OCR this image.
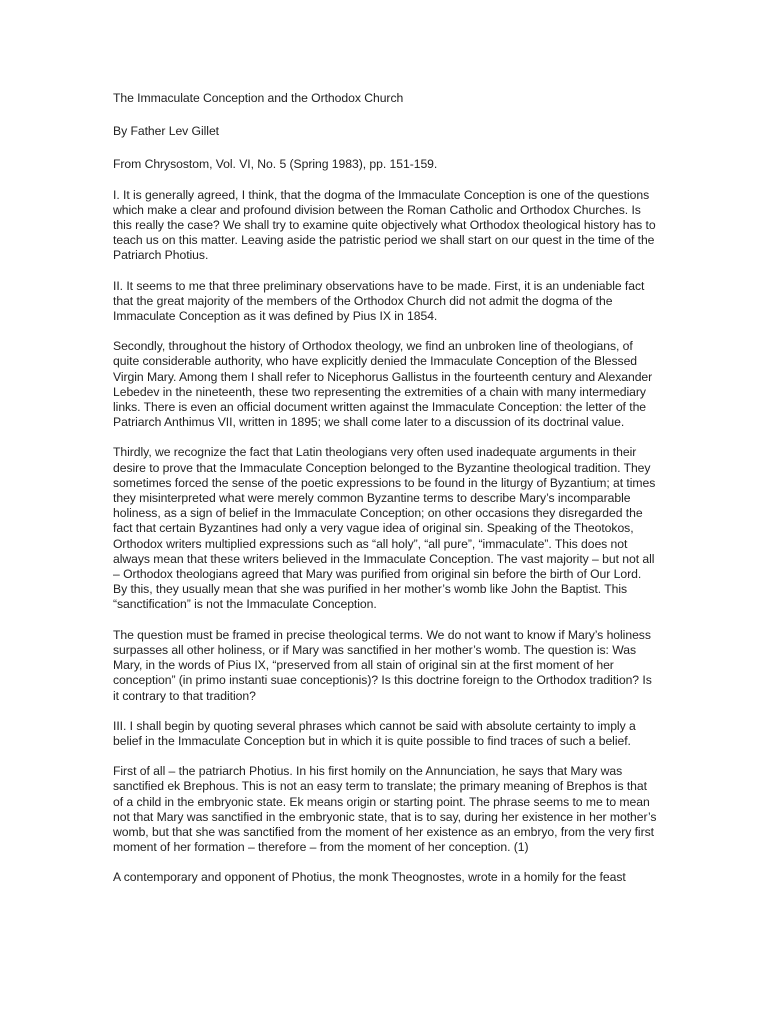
The Immaculate Conception and the Orthodox Church

By Father Lev Gillet

From Chrysostom, Vol. VI, No. 5 (Spring 1983), pp. 151-159.

I. It is generally agreed, I think, that the dogma of the Immaculate Conception is one of the questions which make a clear and profound division between the Roman Catholic and Orthodox Churches. Is this really the case? We shall try to examine quite objectively what Orthodox theological history has to teach us on this matter. Leaving aside the patristic period we shall start on our quest in the time of the Patriarch Photius.

II. It seems to me that three preliminary observations have to be made. First, it is an undeniable fact that the great majority of the members of the Orthodox Church did not admit the dogma of the Immaculate Conception as it was defined by Pius IX in 1854.

Secondly, throughout the history of Orthodox theology, we find an unbroken line of theologians, of quite considerable authority, who have explicitly denied the Immaculate Conception of the Blessed Virgin Mary. Among them I shall refer to Nicephorus Gallistus in the fourteenth century and Alexander Lebedev in the nineteenth, these two representing the extremities of a chain with many intermediary links. There is even an official document written against the Immaculate Conception: the letter of the Patriarch Anthimus VII, written in 1895; we shall come later to a discussion of its doctrinal value.

Thirdly, we recognize the fact that Latin theologians very often used inadequate arguments in their desire to prove that the Immaculate Conception belonged to the Byzantine theological tradition. They sometimes forced the sense of the poetic expressions to be found in the liturgy of Byzantium; at times they misinterpreted what were merely common Byzantine terms to describe Mary’s incomparable holiness, as a sign of belief in the Immaculate Conception; on other occasions they disregarded the fact that certain Byzantines had only a very vague idea of original sin. Speaking of the Theotokos, Orthodox writers multiplied expressions such as “all holy”, “all pure”, “immaculate”. This does not always mean that these writers believed in the Immaculate Conception. The vast majority – but not all – Orthodox theologians agreed that Mary was purified from original sin before the birth of Our Lord. By this, they usually mean that she was purified in her mother’s womb like John the Baptist. This “sanctification” is not the Immaculate Conception.

The question must be framed in precise theological terms. We do not want to know if Mary’s holiness surpasses all other holiness, or if Mary was sanctified in her mother’s womb. The question is: Was Mary, in the words of Pius IX, “preserved from all stain of original sin at the first moment of her conception” (in primo instanti suae conceptionis)? Is this doctrine foreign to the Orthodox tradition? Is it contrary to that tradition?

III. I shall begin by quoting several phrases which cannot be said with absolute certainty to imply a belief in the Immaculate Conception but in which it is quite possible to find traces of such a belief.

First of all – the patriarch Photius. In his first homily on the Annunciation, he says that Mary was sanctified ek Brephous. This is not an easy term to translate; the primary meaning of Brephos is that of a child in the embryonic state. Ek means origin or starting point. The phrase seems to me to mean not that Mary was sanctified in the embryonic state, that is to say, during her existence in her mother’s womb, but that she was sanctified from the moment of her existence as an embryo, from the very first moment of her formation – therefore – from the moment of her conception. (1)

A contemporary and opponent of Photius, the monk Theognostes, wrote in a homily for the feast
